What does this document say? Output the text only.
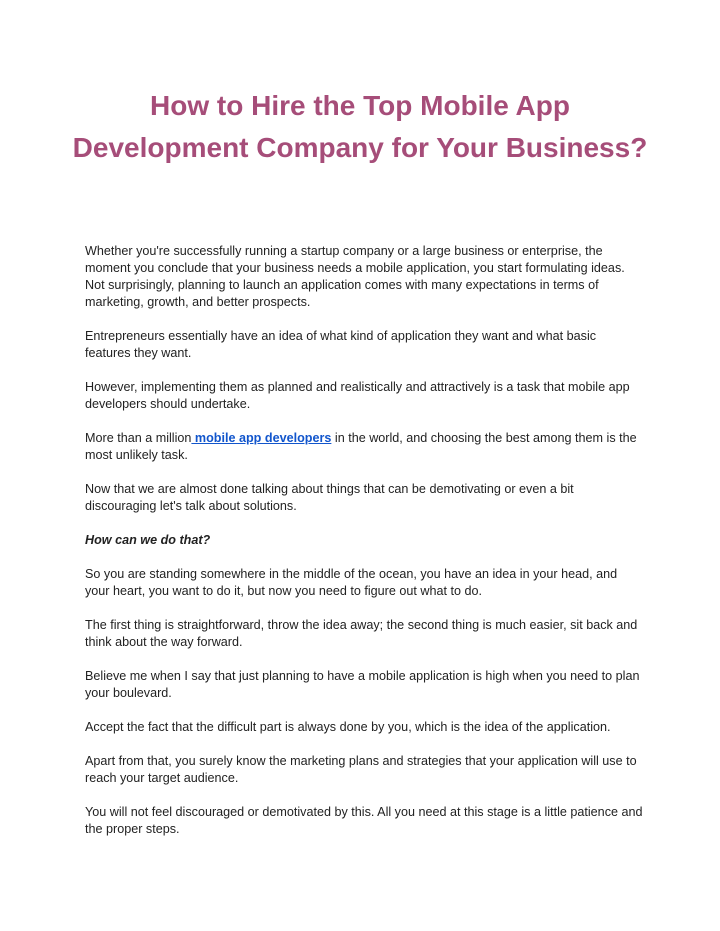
How to Hire the Top Mobile App Development Company for Your Business?

Whether you're successfully running a startup company or a large business or enterprise, the moment you conclude that your business needs a mobile application, you start formulating ideas. Not surprisingly, planning to launch an application comes with many expectations in terms of marketing, growth, and better prospects.

Entrepreneurs essentially have an idea of what kind of application they want and what basic features they want.

However, implementing them as planned and realistically and attractively is a task that mobile app developers should undertake.

More than a million mobile app developers in the world, and choosing the best among them is the most unlikely task.

Now that we are almost done talking about things that can be demotivating or even a bit discouraging let's talk about solutions.

How can we do that?

So you are standing somewhere in the middle of the ocean, you have an idea in your head, and your heart, you want to do it, but now you need to figure out what to do.

The first thing is straightforward, throw the idea away; the second thing is much easier, sit back and think about the way forward.

Believe me when I say that just planning to have a mobile application is high when you need to plan your boulevard.

Accept the fact that the difficult part is always done by you, which is the idea of the application.

Apart from that, you surely know the marketing plans and strategies that your application will use to reach your target audience.

You will not feel discouraged or demotivated by this. All you need at this stage is a little patience and the proper steps.
